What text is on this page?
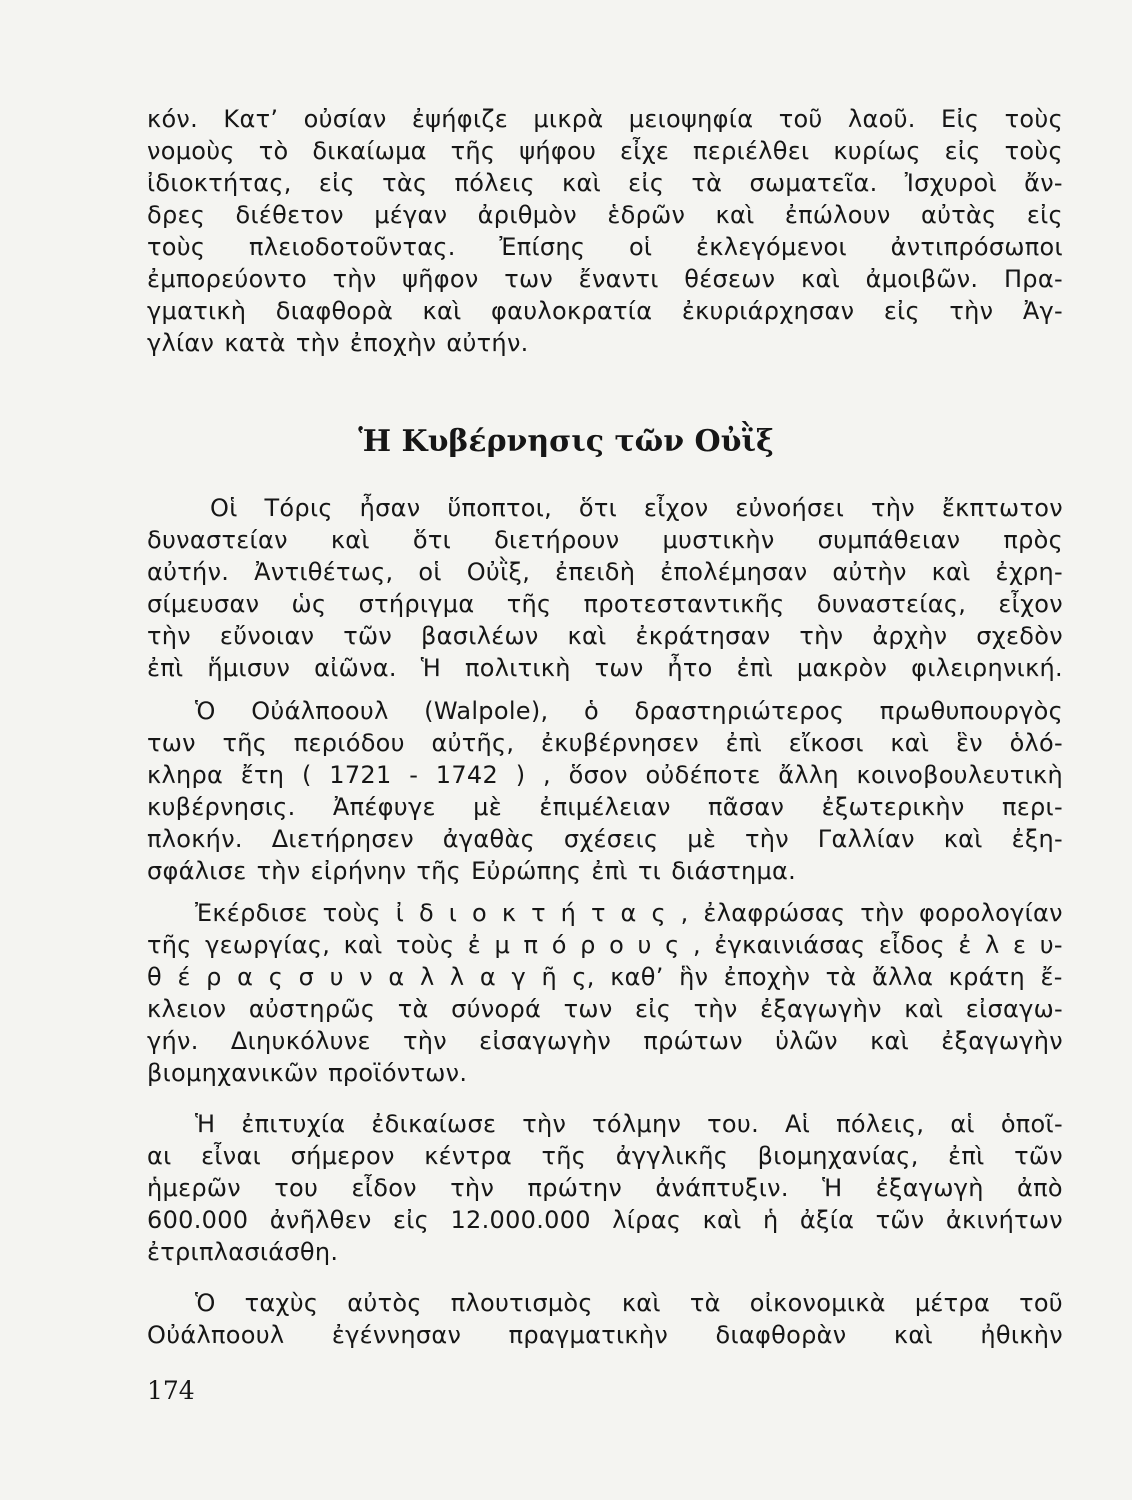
κόν. Κατ’ οὐσίαν ἐψήφιζε μικρὰ μειοψηφία τοῦ λαοῦ. Εἰς τοὺς
νομοὺς τὸ δικαίωμα τῆς ψήφου εἶχε περιέλθει κυρίως εἰς τοὺς
ἰδιοκτήτας, εἰς τὰς πόλεις καὶ εἰς τὰ σωματεῖα. Ἰσχυροὶ ἄν-
δρες διέθετον μέγαν ἀριθμὸν ἑδρῶν καὶ ἐπώλουν αὐτὰς εἰς
τοὺς πλειοδοτοῦντας. Ἐπίσης οἱ ἐκλεγόμενοι ἀντιπρόσωποι
ἐμπορεύοντο τὴν ψῆφον των ἔναντι θέσεων καὶ ἀμοιβῶν. Πρα-
γματικὴ διαφθορὰ καὶ φαυλοκρατία ἐκυριάρχησαν εἰς τὴν Ἀγ-
γλίαν κατὰ τὴν ἐποχὴν αὐτήν.
Ἡ Κυβέρνησις τῶν Οὐῒξ
Οἱ Τόρις ἦσαν ὕποπτοι, ὅτι εἶχον εὐνοήσει τὴν ἔκπτωτον
δυναστείαν καὶ ὅτι διετήρουν μυστικὴν συμπάθειαν πρὸς
αὐτήν. Ἀντιθέτως, οἱ Οὐῒξ, ἐπειδὴ ἐπολέμησαν αὐτὴν καὶ ἐχρη-
σίμευσαν ὡς στήριγμα τῆς προτεσταντικῆς δυναστείας, εἶχον
τὴν εὔνοιαν τῶν βασιλέων καὶ ἐκράτησαν τὴν ἀρχὴν σχεδὸν
ἐπὶ ἥμισυν αἰῶνα. Ἡ πολιτικὴ των ἦτο ἐπὶ μακρὸν φιλειρηνική.
Ὁ Οὐάλποουλ (Walpole), ὁ δραστηριώτερος πρωθυπουργὸς
των τῆς περιόδου αὐτῆς, ἐκυβέρνησεν ἐπὶ εἴκοσι καὶ ἓν ὁλό-
κληρα ἔτη ( 1721 - 1742 ) , ὅσον οὐδέποτε ἄλλη κοινοβουλευτικὴ
κυβέρνησις. Ἀπέφυγε μὲ ἐπιμέλειαν πᾶσαν ἐξωτερικὴν περι-
πλοκήν. Διετήρησεν ἀγαθὰς σχέσεις μὲ τὴν Γαλλίαν καὶ ἐξη-
σφάλισε τὴν εἰρήνην τῆς Εὐρώπης ἐπὶ τι διάστημα.
Ἐκέρδισε τοὺς ἰ δ ι ο κ τ ή τ α ς , ἐλαφρώσας τὴν φορολογίαν
τῆς γεωργίας, καὶ τοὺς ἐ μ π ό ρ ο υ ς , ἐγκαινιάσας εἶδος ἐ λ ε υ-
θ έ ρ α ς σ υ ν α λ λ α γ ῆ ς, καθ’ ἣν ἐποχὴν τὰ ἄλλα κράτη ἔ-
κλειον αὐστηρῶς τὰ σύνορά των εἰς τὴν ἐξαγωγὴν καὶ εἰσαγω-
γήν. Διηυκόλυνε τὴν εἰσαγωγὴν πρώτων ὑλῶν καὶ ἐξαγωγὴν
βιομηχανικῶν προϊόντων.
Ἡ ἐπιτυχία ἐδικαίωσε τὴν τόλμην του. Αἱ πόλεις, αἱ ὁποῖ-
αι εἶναι σήμερον κέντρα τῆς ἀγγλικῆς βιομηχανίας, ἐπὶ τῶν
ἡμερῶν του εἶδον τὴν πρώτην ἀνάπτυξιν. Ἡ ἐξαγωγὴ ἀπὸ
600.000 ἀνῆλθεν εἰς 12.000.000 λίρας καὶ ἡ ἀξία τῶν ἀκινήτων
ἐτριπλασιάσθη.
Ὁ ταχὺς αὐτὸς πλουτισμὸς καὶ τὰ οἰκονομικὰ μέτρα τοῦ
Οὐάλποουλ ἐγέννησαν πραγματικὴν διαφθορὰν καὶ ἠθικὴν
174
